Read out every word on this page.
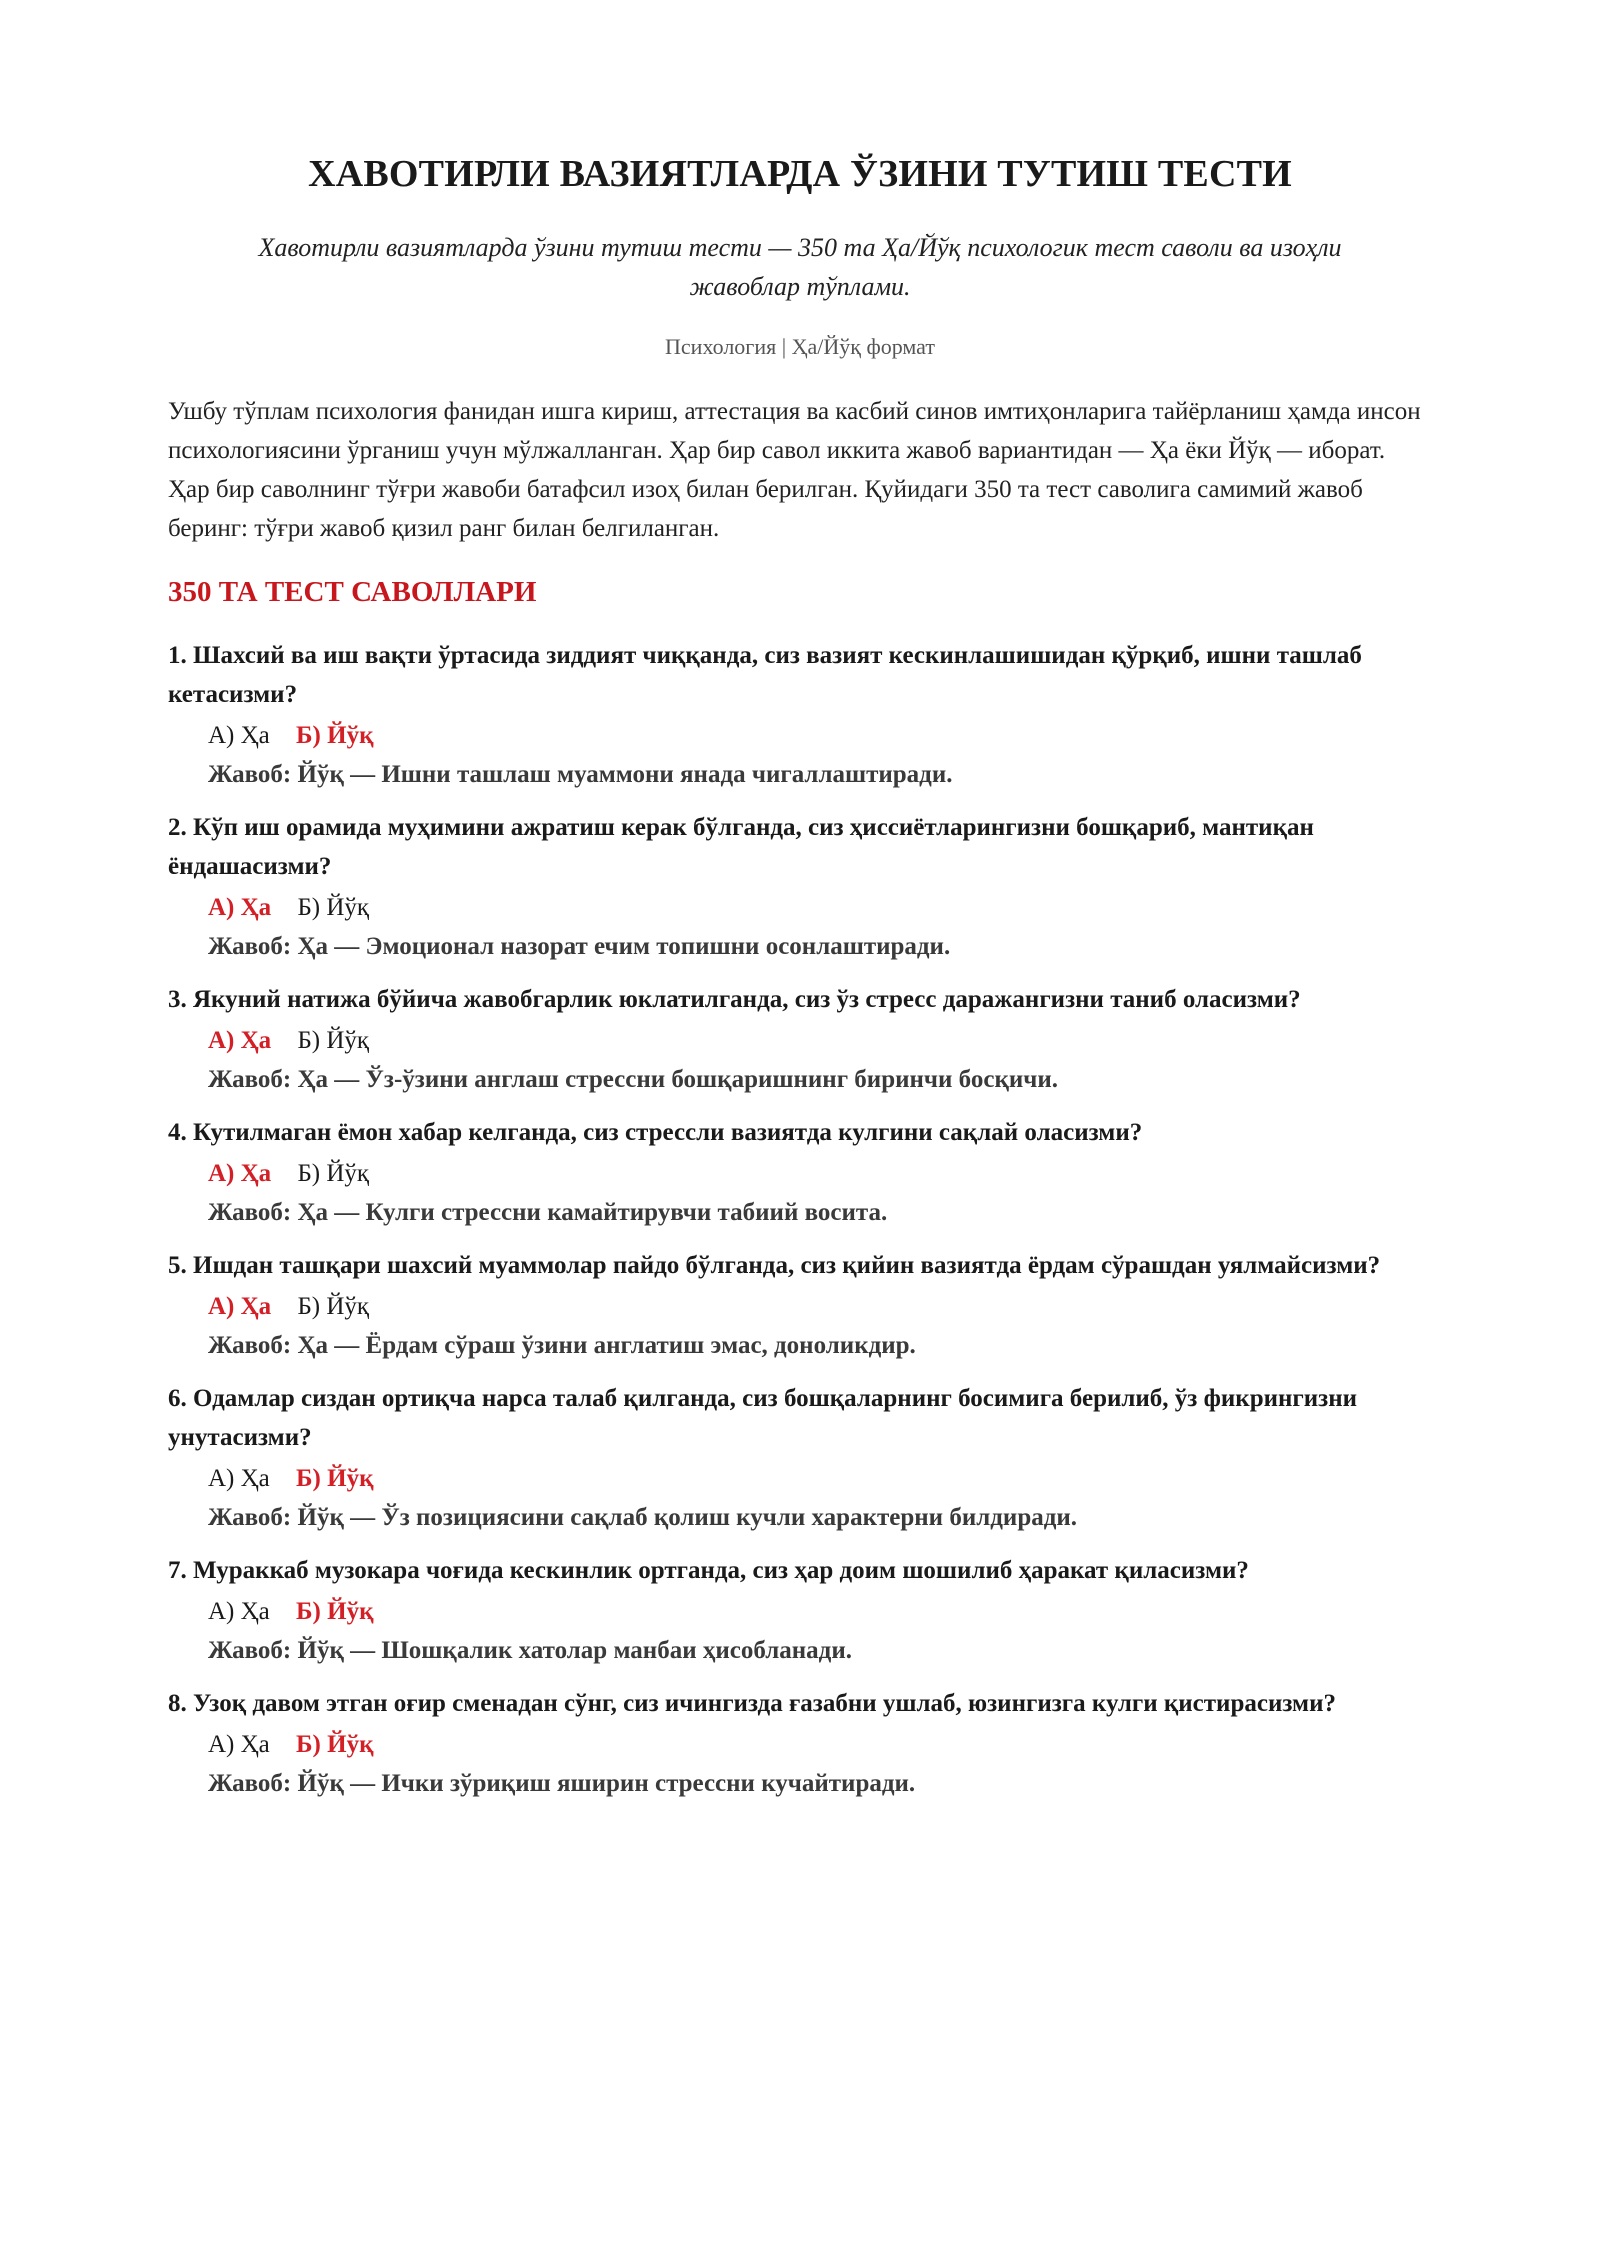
ХАВОТИРЛИ ВАЗИЯТЛАРДА ЎЗИНИ ТУТИШ ТЕСТИ
Хавотирли вазиятларда ўзини тутиш тести — 350 та Ҳа/Йўқ психологик тест саволи ва изоҳли жавоблар тўплами.
Психология | Ҳа/Йўқ формат
Ушбу тўплам психология фанидан ишга кириш, аттестация ва касбий синов имтиҳонларига тайёрланиш ҳамда инсон психологиясини ўрганиш учун мўлжалланган. Ҳар бир савол иккита жавоб вариантидан — Ҳа ёки Йўқ — иборат. Ҳар бир саволнинг тўғри жавоби батафсил изоҳ билан берилган. Қуйидаги 350 та тест саволига самимий жавоб беринг: тўғри жавоб қизил ранг билан белгиланган.
350 ТА ТЕСТ САВОЛЛАРИ
1. Шахсий ва иш вақти ўртасида зиддият чиққанда, сиз вазият кескинлашишидан қўрқиб, ишни ташлаб кетасизми?
А) Ҳа Б) Йўқ
Жавоб: Йўқ — Ишни ташлаш муаммони янада чигаллаштиради.
2. Кўп иш орамида муҳимини ажратиш керак бўлганда, сиз ҳиссиётларингизни бошқариб, мантиқан ёндашасизми?
А) Ҳа Б) Йўқ
Жавоб: Ҳа — Эмоционал назорат ечим топишни осонлаштиради.
3. Якуний натижа бўйича жавобгарлик юклатилганда, сиз ўз стресс даражангизни таниб оласизми?
А) Ҳа Б) Йўқ
Жавоб: Ҳа — Ўз-ўзини англаш стрессни бошқаришнинг биринчи босқичи.
4. Кутилмаган ёмон хабар келганда, сиз стрессли вазиятда кулгини сақлай оласизми?
А) Ҳа Б) Йўқ
Жавоб: Ҳа — Кулги стрессни камайтирувчи табиий восита.
5. Ишдан ташқари шахсий муаммолар пайдо бўлганда, сиз қийин вазиятда ёрдам сўрашдан уялмайсизми?
А) Ҳа Б) Йўқ
Жавоб: Ҳа — Ёрдам сўраш ўзини англатиш эмас, доноликдир.
6. Одамлар сиздан ортиқча нарса талаб қилганда, сиз бошқаларнинг босимига берилиб, ўз фикрингизни унутасизми?
А) Ҳа Б) Йўқ
Жавоб: Йўқ — Ўз позициясини сақлаб қолиш кучли характерни билдиради.
7. Мураккаб музокара чоғида кескинлик ортганда, сиз ҳар доим шошилиб ҳаракат қиласизми?
А) Ҳа Б) Йўқ
Жавоб: Йўқ — Шошқалик хатолар манбаи ҳисобланади.
8. Узоқ давом этган оғир сменадан сўнг, сиз ичингизда ғазабни ушлаб, юзингизга кулги қистирасизми?
А) Ҳа Б) Йўқ
Жавоб: Йўқ — Ички зўриқиш яширин стрессни кучайтиради.
